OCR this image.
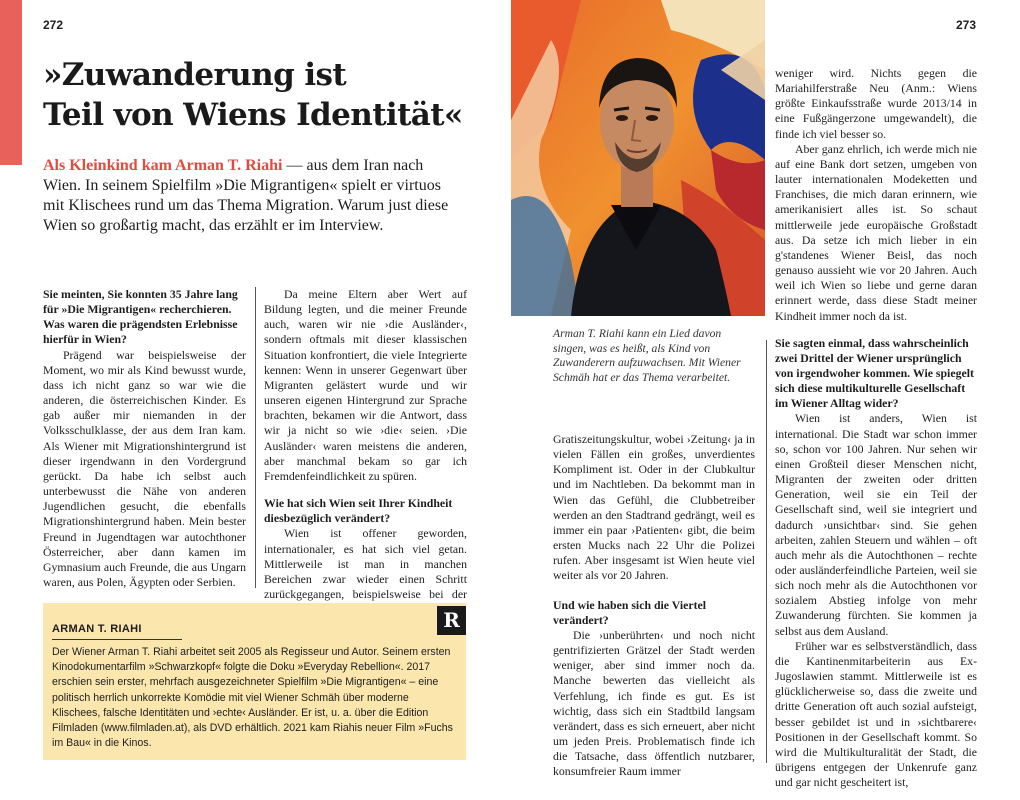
272	273
»Zuwanderung ist
Teil von Wiens Identität«
Als Kleinkind kam Arman T. Riahi — aus dem Iran nach Wien. In seinem Spielfilm »Die Migrantigen« spielt er virtuos mit Klischees rund um das Thema Migration. Warum just diese Wien so großartig macht, das erzählt er im Interview.
Sie meinten, Sie konnten 35 Jahre lang für »Die Migrantigen« recherchieren. Was waren die prägendsten Erlebnisse hierfür in Wien?

Prägend war beispielsweise der Moment, wo mir als Kind bewusst wurde, dass ich nicht ganz so war wie die anderen, die österreichischen Kinder. Es gab außer mir niemanden in der Volksschulklasse, der aus dem Iran kam. Als Wiener mit Migrationshintergrund ist dieser irgendwann in den Vordergrund gerückt. Da habe ich selbst auch unterbewusst die Nähe von anderen Jugendlichen gesucht, die ebenfalls Migrationshintergrund haben. Mein bester Freund in Jugendtagen war autochthoner Österreicher, aber dann kamen im Gymnasium auch Freunde, die aus Ungarn waren, aus Polen, Ägypten oder Serbien.

Da meine Eltern aber Wert auf Bildung legten, und die meiner Freunde auch, waren wir nie ›die Ausländer‹, sondern oftmals mit dieser klassischen Situation konfrontiert, die viele Integrierte kennen: Wenn in unserer Gegenwart über Migranten gelästert wurde und wir unseren eigenen Hintergrund zur Sprache brachten, bekamen wir die Antwort, dass wir ja nicht so wie ›die‹ seien. ›Die Ausländer‹ waren meistens die anderen, aber manchmal bekam so gar ich Fremdenfeindlichkeit zu spüren.

Wie hat sich Wien seit Ihrer Kindheit diesbezüglich verändert?

Wien ist offener geworden, internationaler, es hat sich viel getan. Mittlerweile ist man in manchen Bereichen zwar wieder einen Schritt zurückgegangen, beispielsweise bei der

ARMAN T. RIAHI
Der Wiener Arman T. Riahi arbeitet seit 2005 als Regisseur und Autor. Seinem ersten Kinodokumentarfilm »Schwarzkopf« folgte die Doku »Everyday Rebellion«. 2017 erschien sein erster, mehrfach ausgezeichneter Spielfilm »Die Migrantigen« – eine politisch herrlich unkorrekte Komödie mit viel Wiener Schmäh über moderne Klischees, falsche Identitäten und ›echte‹ Ausländer. Er ist, u. a. über die Edition Filmladen (www.filmladen.at), als DVD erhältlich. 2021 kam Riahis neuer Film »Fuchs im Bau« in die Kinos.
R
Arman T. Riahi kann ein Lied davon singen, was es heißt, als Kind von Zuwanderern aufzuwachsen. Mit Wiener Schmäh hat er das Thema verarbeitet.

Gratiszeitungskultur, wobei ›Zeitung‹ ja in vielen Fällen ein großes, unverdientes Kompliment ist. Oder in der Clubkultur und im Nachtleben. Da bekommt man in Wien das Gefühl, die Clubbetreiber werden an den Stadtrand gedrängt, weil es immer ein paar ›Patienten‹ gibt, die beim ersten Mucks nach 22 Uhr die Polizei rufen. Aber insgesamt ist Wien heute viel weiter als vor 20 Jahren.

Und wie haben sich die Viertel verändert?

Die ›unberührten‹ und noch nicht gentrifizierten Grätzel der Stadt werden weniger, aber sind immer noch da. Manche bewerten das vielleicht als Verfehlung, ich finde es gut. Es ist wichtig, dass sich ein Stadtbild langsam verändert, dass es sich erneuert, aber nicht um jeden Preis. Problematisch finde ich die Tatsache, dass öffentlich nutzbarer, konsumfreier Raum immer

weniger wird. Nichts gegen die Mariahilferstraße Neu (Anm.: Wiens größte Einkaufsstraße wurde 2013/14 in eine Fußgängerzone umgewandelt), die finde ich viel besser so.

Aber ganz ehrlich, ich werde mich nie auf eine Bank dort setzen, umgeben von lauter internationalen Modeketten und Franchises, die mich daran erinnern, wie amerikanisiert alles ist. So schaut mittlerweile jede europäische Großstadt aus. Da setze ich mich lieber in ein g'standenes Wiener Beisl, das noch genauso aussieht wie vor 20 Jahren. Auch weil ich Wien so liebe und gerne daran erinnert werde, dass diese Stadt meiner Kindheit immer noch da ist.

Sie sagten einmal, dass wahrscheinlich zwei Drittel der Wiener ursprünglich von irgendwoher kommen. Wie spiegelt sich diese multikulturelle Gesellschaft im Wiener Alltag wider?

Wien ist anders, Wien ist international. Die Stadt war schon immer so, schon vor 100 Jahren. Nur sehen wir einen Großteil dieser Menschen nicht, Migranten der zweiten oder dritten Generation, weil sie ein Teil der Gesellschaft sind, weil sie integriert und dadurch ›unsichtbar‹ sind. Sie gehen arbeiten, zahlen Steuern und wählen – oft auch mehr als die Autochthonen – rechte oder ausländerfeindliche Parteien, weil sie sich noch mehr als die Autochthonen vor sozialem Abstieg infolge von mehr Zuwanderung fürchten. Sie kommen ja selbst aus dem Ausland.

Früher war es selbstverständlich, dass die Kantinenmitarbeiterin aus Ex-Jugoslawien stammt. Mittlerweile ist es glücklicherweise so, dass die zweite und dritte Generation oft auch sozial aufsteigt, besser gebildet ist und in ›sichtbarere‹ Positionen in der Gesellschaft kommt. So wird die Multikulturalität der Stadt, die übrigens entgegen der Unkenrufe ganz und gar nicht gescheitert ist,
